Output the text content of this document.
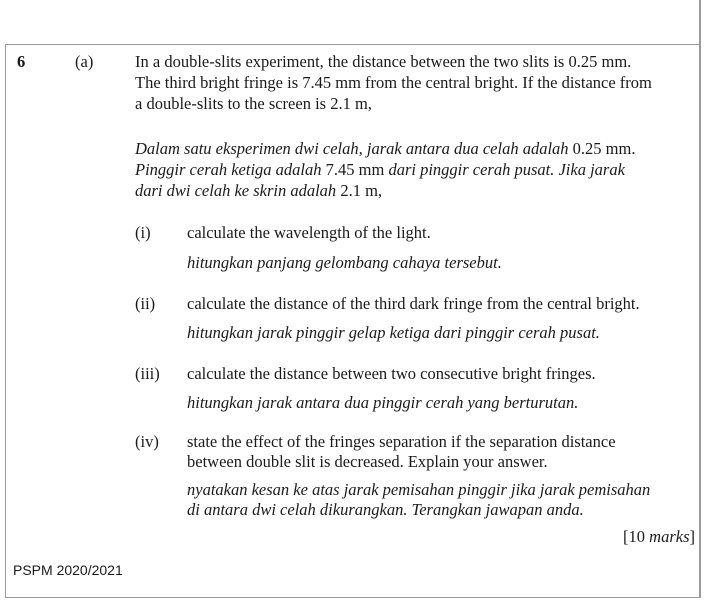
6	(a)	In a double-slits experiment, the distance between the two slits is 0.25 mm.
The third bright fringe is 7.45 mm from the central bright. If the distance from
a double-slits to the screen is 2.1 m,
Dalam satu eksperimen dwi celah, jarak antara dua celah adalah 0.25 mm.
Pinggir cerah ketiga adalah 7.45 mm dari pinggir cerah pusat. Jika jarak
dari dwi celah ke skrin adalah 2.1 m,
(i) calculate the wavelength of the light.
hitungkan panjang gelombang cahaya tersebut.
(ii) calculate the distance of the third dark fringe from the central bright.
hitungkan jarak pinggir gelap ketiga dari pinggir cerah pusat.
(iii) calculate the distance between two consecutive bright fringes.
hitungkan jarak antara dua pinggir cerah yang berturutan.
(iv) state the effect of the fringes separation if the separation distance
between double slit is decreased. Explain your answer.
nyatakan kesan ke atas jarak pemisahan pinggir jika jarak pemisahan
di antara dwi celah dikurangkan. Terangkan jawapan anda.
[10 marks]
PSPM 2020/2021
